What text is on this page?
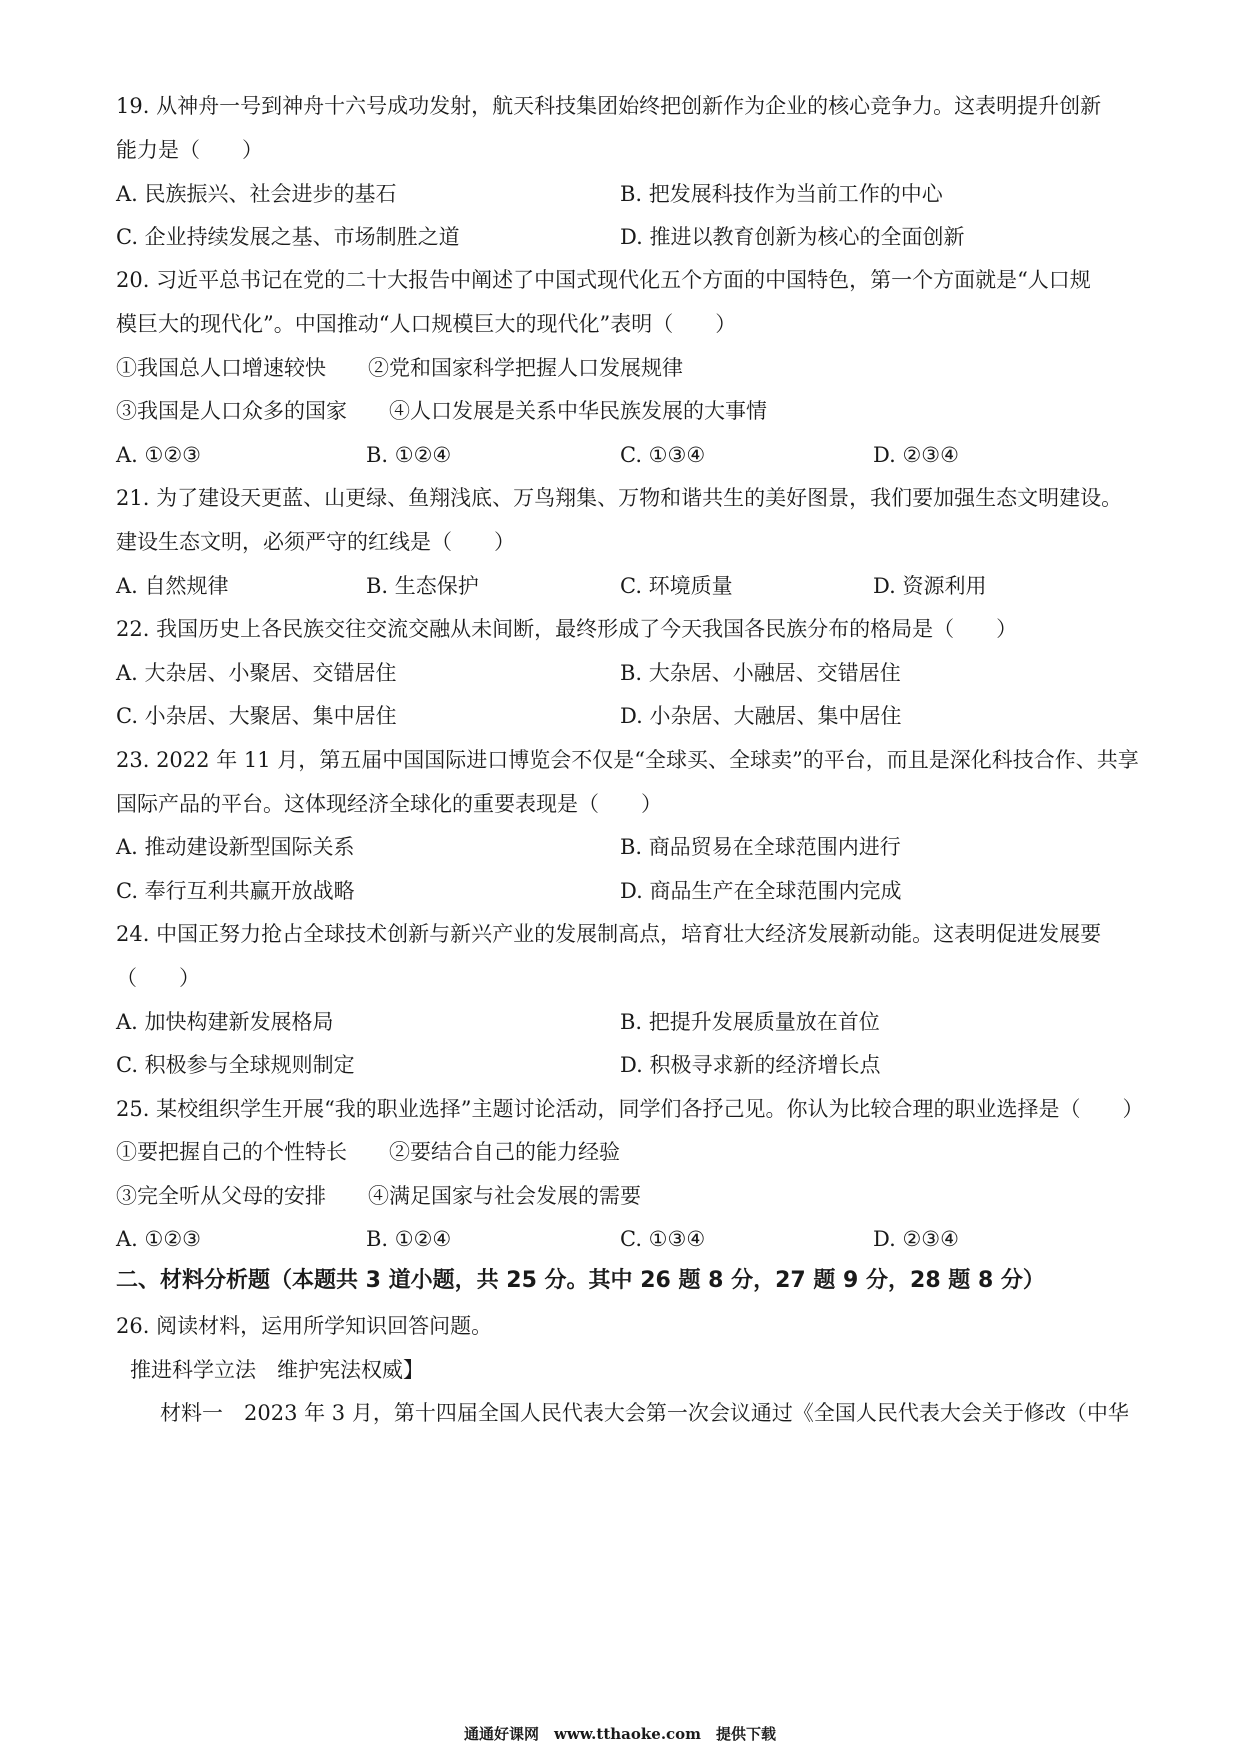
19. 从神舟一号到神舟十六号成功发射，航天科技集团始终把创新作为企业的核心竞争力。这表明提升创新
能力是（　　）
A. 民族振兴、社会进步的基石	B. 把发展科技作为当前工作的中心
C. 企业持续发展之基、市场制胜之道	D. 推进以教育创新为核心的全面创新
20. 习近平总书记在党的二十大报告中阐述了中国式现代化五个方面的中国特色，第一个方面就是“人口规
模巨大的现代化”。中国推动“人口规模巨大的现代化”表明（　　）
①我国总人口增速较快　　②党和国家科学把握人口发展规律
③我国是人口众多的国家　　④人口发展是关系中华民族发展的大事情
A. ①②③	B. ①②④	C. ①③④	D. ②③④
21. 为了建设天更蓝、山更绿、鱼翔浅底、万鸟翔集、万物和谐共生的美好图景，我们要加强生态文明建设。
建设生态文明，必须严守的红线是（　　）
A. 自然规律	B. 生态保护	C. 环境质量	D. 资源利用
22. 我国历史上各民族交往交流交融从未间断，最终形成了今天我国各民族分布的格局是（　　）
A. 大杂居、小聚居、交错居住	B. 大杂居、小融居、交错居住
C. 小杂居、大聚居、集中居住	D. 小杂居、大融居、集中居住
23. 2022 年 11 月，第五届中国国际进口博览会不仅是“全球买、全球卖”的平台，而且是深化科技合作、共享
国际产品的平台。这体现经济全球化的重要表现是（　　）
A. 推动建设新型国际关系	B. 商品贸易在全球范围内进行
C. 奉行互利共赢开放战略	D. 商品生产在全球范围内完成
24. 中国正努力抢占全球技术创新与新兴产业的发展制高点，培育壮大经济发展新动能。这表明促进发展要
（　　）
A. 加快构建新发展格局	B. 把提升发展质量放在首位
C. 积极参与全球规则制定	D. 积极寻求新的经济增长点
25. 某校组织学生开展“我的职业选择”主题讨论活动，同学们各抒己见。你认为比较合理的职业选择是（　　）
①要把握自己的个性特长　　②要结合自己的能力经验
③完全听从父母的安排　　④满足国家与社会发展的需要
A. ①②③	B. ①②④	C. ①③④	D. ②③④
二、材料分析题（本题共 3 道小题，共 25 分。其中 26 题 8 分，27 题 9 分，28 题 8 分）
26. 阅读材料，运用所学知识回答问题。
推进科学立法　维护宪法权威】
材料一　2023 年 3 月，第十四届全国人民代表大会第一次会议通过《全国人民代表大会关于修改（中华
通通好课网　www.tthaoke.com　提供下载
